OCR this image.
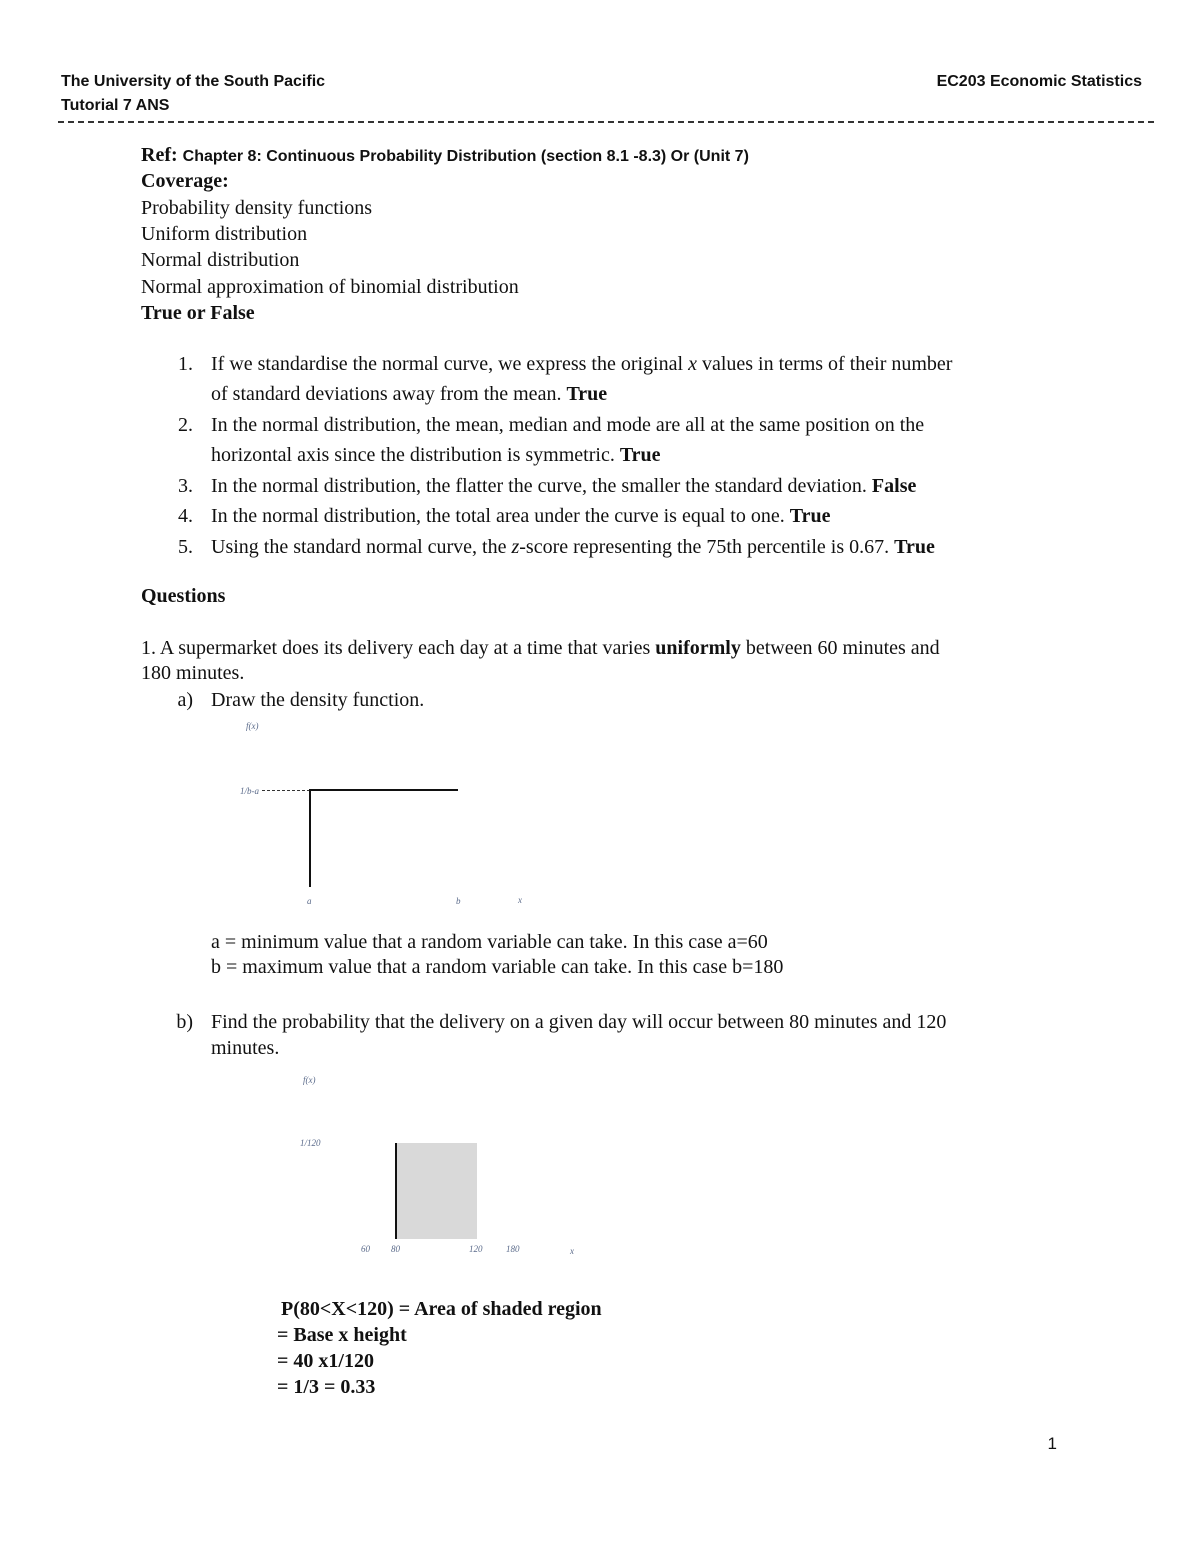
The University of the South Pacific
Tutorial 7 ANS
EC203 Economic Statistics
Ref: Chapter 8: Continuous Probability Distribution (section 8.1 -8.3) Or (Unit 7)
Coverage:
Probability density functions
Uniform distribution
Normal distribution
Normal approximation of binomial distribution
True or False
1. If we standardise the normal curve, we express the original x values in terms of their number
of standard deviations away from the mean. True
2. In the normal distribution, the mean, median and mode are all at the same position on the
horizontal axis since the distribution is symmetric. True
3. In the normal distribution, the flatter the curve, the smaller the standard deviation. False
4. In the normal distribution, the total area under the curve is equal to one. True
5. Using the standard normal curve, the z-score representing the 75th percentile is 0.67. True
Questions
1. A supermarket does its delivery each day at a time that varies uniformly between 60 minutes and
180 minutes.
a) Draw the density function.
f(x)
1/b-a
a	b	x
a = minimum value that a random variable can take. In this case a=60
b = maximum value that a random variable can take. In this case b=180
b) Find the probability that the delivery on a given day will occur between 80 minutes and 120
minutes.
f(x)
1/120
60 80	120	180	x
P(80<X<120) = Area of shaded region
= Base x height
= 40 x1/120
= 1/3 = 0.33
1
